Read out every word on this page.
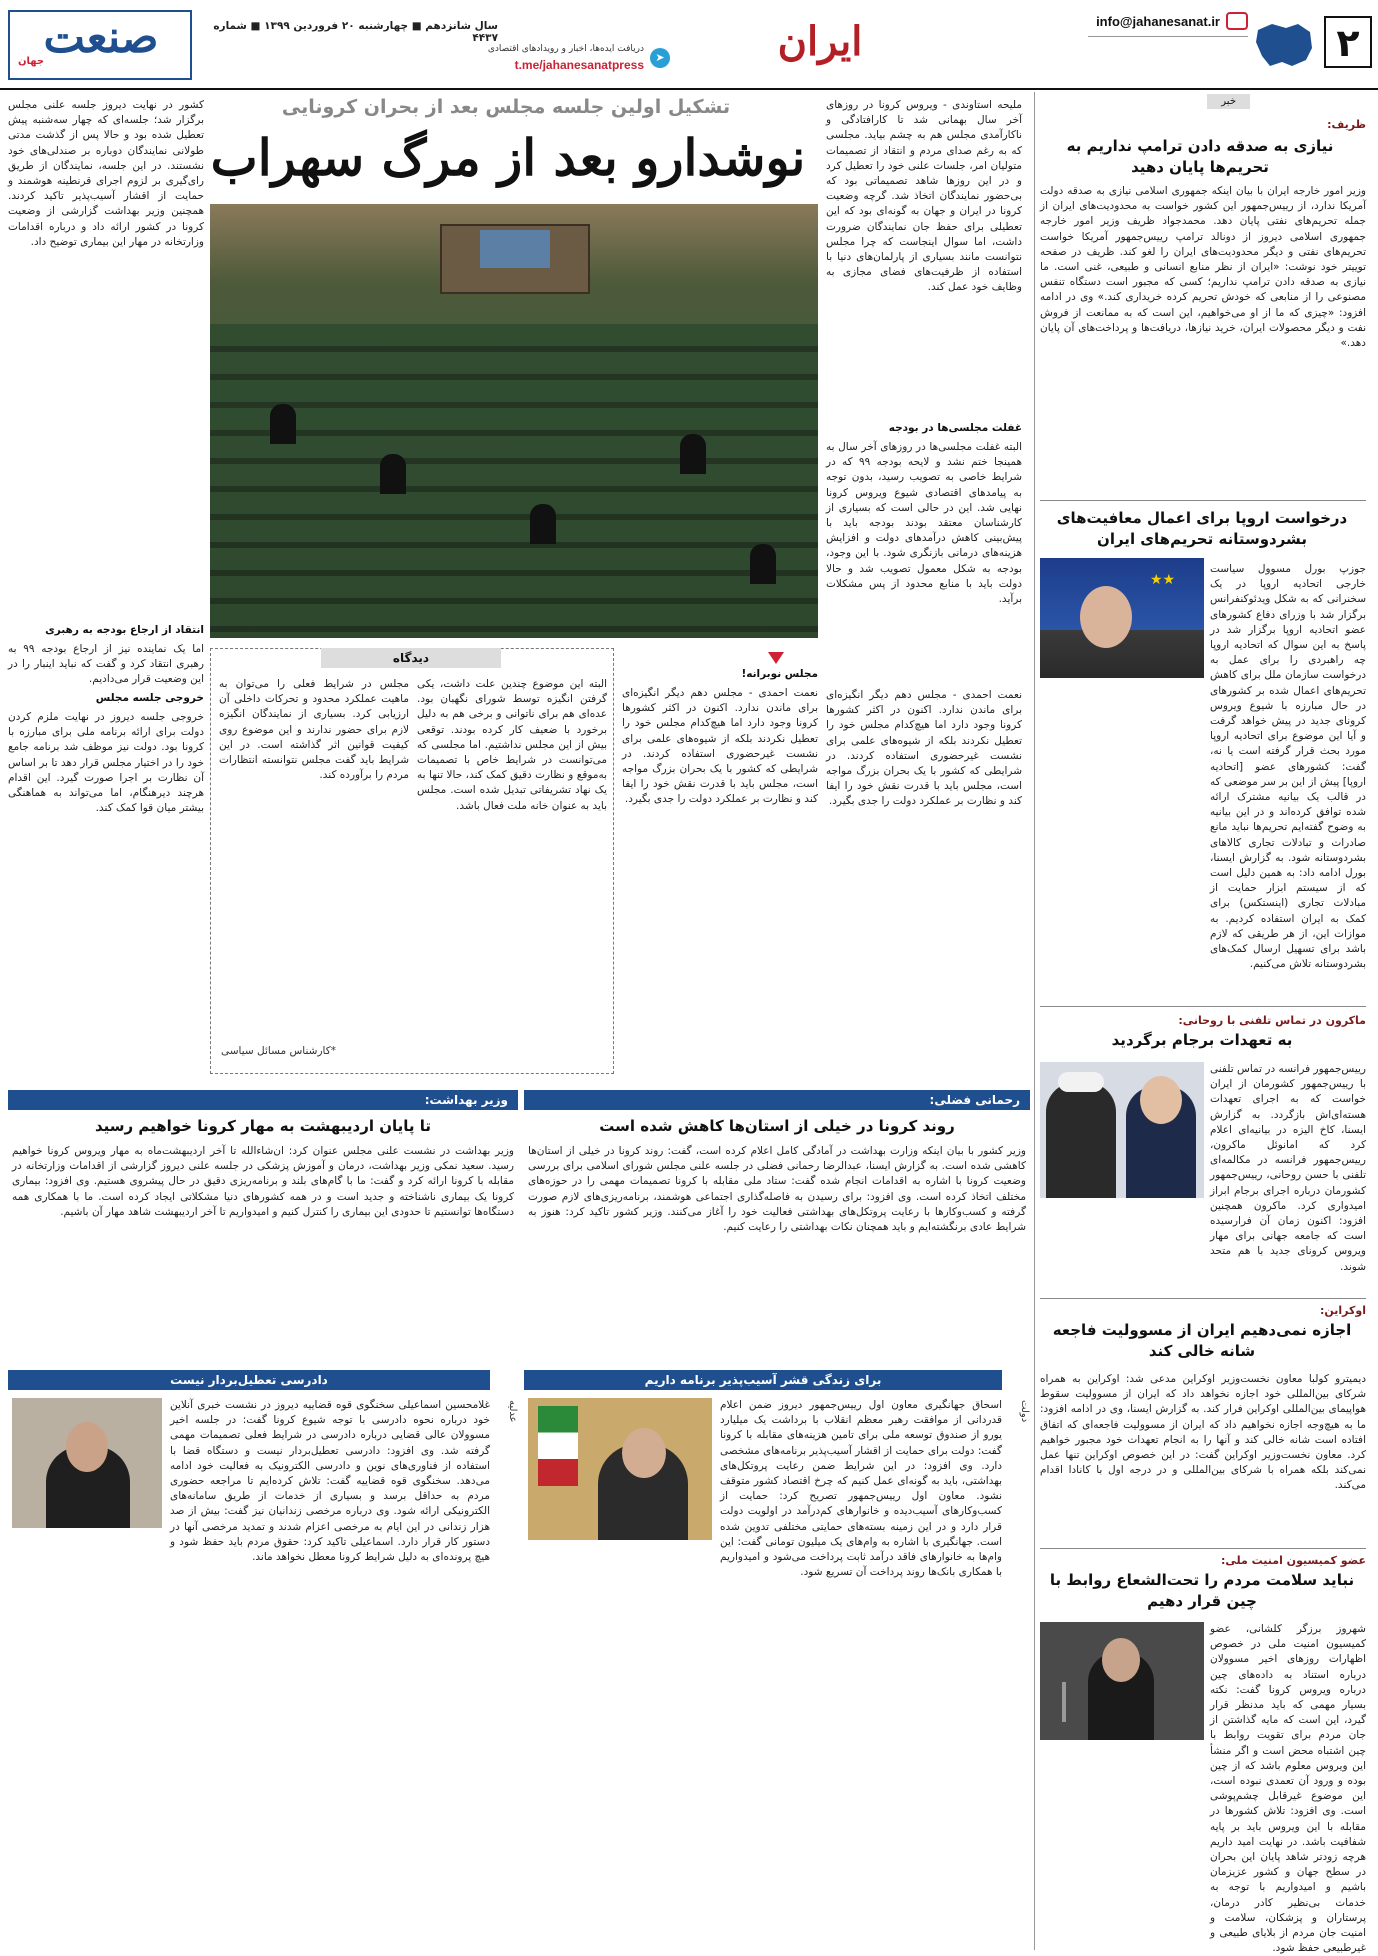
۲
info@jahanesanat.ir
ایران
دریافت ایده‌ها، اخبار و رویدادهای اقتصادی
t.me/jahanesanatpress
➤
سال شانزدهم ■ چهارشنبه ۲۰ فروردین ۱۳۹۹ ■ شماره ۴۴۳۷
صنعت
جهان
خبر
ظریف:
نیازی به صدقه دادن ترامپ نداریم به تحریم‌ها پایان دهید
وزیر امور خارجه ایران با بیان اینکه جمهوری اسلامی نیازی به صدقه دولت آمریکا ندارد، از رییس‌جمهور این کشور خواست به محدودیت‌های ایران از جمله تحریم‌های نفتی پایان دهد. محمدجواد ظریف وزیر امور خارجه جمهوری اسلامی دیروز از دونالد ترامپ رییس‌جمهور آمریکا خواست تحریم‌های نفتی و دیگر محدودیت‌های ایران را لغو کند. ظریف در صفحه توییتر خود نوشت: «ایران از نظر منابع انسانی و طبیعی، غنی است. ما نیازی به صدقه دادن ترامپ نداریم؛ کسی که مجبور است دستگاه تنفس مصنوعی را از منابعی که خودش تحریم کرده خریداری کند.» وی در ادامه افزود: «چیزی که ما از او می‌خواهیم، این است که به ممانعت از فروش نفت و دیگر محصولات ایران، خرید نیازها، دریافت‌ها و پرداخت‌های آن پایان دهد.»
درخواست اروپا برای اعمال معافیت‌های بشردوستانه تحریم‌های ایران
★★
جوزپ بورل مسوول سیاست خارجی اتحادیه اروپا در یک سخنرانی که به شکل ویدئوکنفرانس برگزار شد با وزرای دفاع کشورهای عضو اتحادیه اروپا برگزار شد در پاسخ به این سوال که اتحادیه اروپا چه راهبردی را برای عمل به درخواست سازمان ملل برای کاهش تحریم‌های اعمال شده بر کشورهای در حال مبارزه با شیوع ویروس کرونای جدید در پیش خواهد گرفت و آیا این موضوع برای اتحادیه اروپا مورد بحث قرار گرفته است یا نه، گفت: کشورهای عضو [اتحادیه اروپا] پیش از این بر سر موضعی که در قالب یک بیانیه مشترک ارائه شده توافق کرده‌اند و در این بیانیه به وضوح گفته‌ایم تحریم‌ها نباید مانع صادرات و تبادلات تجاری کالاهای بشردوستانه شود. به گزارش ایسنا، بورل ادامه داد: به همین دلیل است که از سیستم ابزار حمایت از مبادلات تجاری (اینستکس) برای کمک به ایران استفاده کردیم. به موازات این، از هر طریقی که لازم باشد برای تسهیل ارسال کمک‌های بشردوستانه تلاش می‌کنیم.
ماکرون در تماس تلفنی با روحانی:
به تعهدات برجام برگردید
رییس‌جمهور فرانسه در تماس تلفنی با رییس‌جمهور کشورمان از ایران خواست که به اجرای تعهدات هسته‌ای‌اش بازگردد. به گزارش ایسنا، کاخ الیزه در بیانیه‌ای اعلام کرد که امانوئل ماکرون، رییس‌جمهور فرانسه در مکالمه‌ای تلفنی با حسن روحانی، رییس‌جمهور کشورمان درباره اجرای برجام ابراز امیدواری کرد. ماکرون همچنین افزود: اکنون زمان آن فرارسیده است که جامعه جهانی برای مهار ویروس کرونای جدید با هم متحد شوند.
اوکراین:
اجازه نمی‌دهیم ایران از مسوولیت فاجعه شانه خالی کند
دیمیترو کولبا معاون نخست‌وزیر اوکراین مدعی شد: اوکراین به همراه شرکای بین‌المللی خود اجازه نخواهد داد که ایران از مسوولیت سقوط هواپیمای بین‌المللی اوکراین فرار کند. به گزارش ایسنا، وی در ادامه افزود: ما به هیچ‌وجه اجازه نخواهیم داد که ایران از مسوولیت فاجعه‌ای که اتفاق افتاده است شانه خالی کند و آنها را به انجام تعهدات خود مجبور خواهیم کرد. معاون نخست‌وزیر اوکراین گفت: در این خصوص اوکراین تنها عمل نمی‌کند بلکه همراه با شرکای بین‌المللی و در درجه اول با کانادا اقدام می‌کند.
عضو کمیسیون امنیت ملی:
نباید سلامت مردم را تحت‌الشعاع روابط با چین قرار دهیم
شهروز برزگر کلشانی، عضو کمیسیون امنیت ملی در خصوص اظهارات روزهای اخیر مسوولان درباره استناد به داده‌های چین درباره ویروس کرونا گفت: نکته بسیار مهمی که باید مدنظر قرار گیرد، این است که مایه گذاشتن از جان مردم برای تقویت روابط با چین اشتباه محض است و اگر منشأ این ویروس معلوم باشد که از چین بوده و ورود آن تعمدی نبوده است، این موضوع غیرقابل چشم‌پوشی است. وی افزود: تلاش کشورها در مقابله با این ویروس باید بر پایه شفافیت باشد. در نهایت امید داریم هرچه زودتر شاهد پایان این بحران در سطح جهان و کشور عزیزمان باشیم و امیدواریم با توجه به خدمات بی‌نظیر کادر درمان، پرستاران و پزشکان، سلامت و امنیت جان مردم از بلایای طبیعی و غیرطبیعی حفظ شود.
تشکیل اولین جلسه مجلس بعد از بحران کرونایی
نوشدارو بعد از مرگ سهراب
ملیحه استاوندی - ویروس کرونا در روزهای آخر سال بهمانی شد تا کارافتادگی و ناکارآمدی مجلس هم به چشم بیاید. مجلسی که به رغم صدای مردم و انتقاد از تصمیمات متولیان امر، جلسات علنی خود را تعطیل کرد و در این روزها شاهد تصمیماتی بود که بی‌حضور نمایندگان اتخاذ شد. گرچه وضعیت کرونا در ایران و جهان به گونه‌ای بود که این تعطیلی برای حفظ جان نمایندگان ضرورت داشت، اما سوال اینجاست که چرا مجلس نتوانست مانند بسیاری از پارلمان‌های دنیا با استفاده از ظرفیت‌های فضای مجازی به وظایف خود عمل کند.
غفلت مجلسی‌ها در بودجه
البته غفلت مجلسی‌ها در روزهای آخر سال به همینجا ختم نشد و لایحه بودجه ۹۹ که در شرایط خاصی به تصویب رسید، بدون توجه به پیامدهای اقتصادی شیوع ویروس کرونا نهایی شد. این در حالی است که بسیاری از کارشناسان معتقد بودند بودجه باید با پیش‌بینی کاهش درآمدهای دولت و افزایش هزینه‌های درمانی بازنگری شود. با این وجود، بودجه به شکل معمول تصویب شد و حالا دولت باید با منابع محدود از پس مشکلات برآید.
کشور در نهایت دیروز جلسه علنی مجلس برگزار شد؛ جلسه‌ای که چهار سه‌شنبه پیش تعطیل شده بود و حالا پس از گذشت مدتی طولانی نمایندگان دوباره بر صندلی‌های خود نشستند. در این جلسه، نمایندگان از طریق رای‌گیری بر لزوم اجرای قرنطینه هوشمند و حمایت از اقشار آسیب‌پذیر تاکید کردند. همچنین وزیر بهداشت گزارشی از وضعیت کرونا در کشور ارائه داد و درباره اقدامات وزارتخانه در مهار این بیماری توضیح داد.
انتقاد از ارجاع بودجه به رهبری
اما یک نماینده نیز از ارجاع بودجه ۹۹ به رهبری انتقاد کرد و گفت که نباید اینبار را در این وضعیت قرار می‌دادیم.
خروجی جلسه مجلس
خروجی جلسه دیروز در نهایت ملزم کردن دولت برای ارائه برنامه ملی برای مبارزه با کرونا بود. دولت نیز موظف شد برنامه جامع خود را در اختیار مجلس قرار دهد تا بر اساس آن نظارت بر اجرا صورت گیرد. این اقدام هرچند دیرهنگام، اما می‌تواند به هماهنگی بیشتر میان قوا کمک کند.
دیدگاه
البته این موضوع چندین علت داشت، یکی گرفتن انگیزه توسط شورای نگهبان بود. عده‌ای هم برای ناتوانی و برخی هم به دلیل برخورد با ضعیف کار کرده بودند. توقعی بیش از این مجلس نداشتیم. اما مجلسی که می‌توانست در شرایط خاص با تصمیمات به‌موقع و نظارت دقیق کمک کند، حالا تنها به یک نهاد تشریفاتی تبدیل شده است. مجلس باید به عنوان خانه ملت فعال باشد.
مجلس در شرایط فعلی را می‌توان به ماهیت عملکرد محدود و تحرکات داخلی آن ارزیابی کرد. بسیاری از نمایندگان انگیزه لازم برای حضور ندارند و این موضوع روی کیفیت قوانین اثر گذاشته است. در این شرایط باید گفت مجلس نتوانسته انتظارات مردم را برآورده کند.
*کارشناس مسائل سیاسی
مجلس نوبرانه!
نعمت احمدی - مجلس دهم دیگر انگیزه‌ای برای ماندن ندارد. اکنون در اکثر کشورها کرونا وجود دارد اما هیچ‌کدام مجلس خود را تعطیل نکردند بلکه از شیوه‌های علمی برای نشست غیرحضوری استفاده کردند. در شرایطی که کشور با یک بحران بزرگ مواجه است، مجلس باید با قدرت نقش خود را ایفا کند و نظارت بر عملکرد دولت را جدی بگیرد.
نعمت احمدی - مجلس دهم دیگر انگیزه‌ای برای ماندن ندارد. اکنون در اکثر کشورها کرونا وجود دارد اما هیچ‌کدام مجلس خود را تعطیل نکردند بلکه از شیوه‌های علمی برای نشست غیرحضوری استفاده کردند. در شرایطی که کشور با یک بحران بزرگ مواجه است، مجلس باید با قدرت نقش خود را ایفا کند و نظارت بر عملکرد دولت را جدی بگیرد.
وزیر بهداشت:
تا پایان اردیبهشت به مهار کرونا خواهیم رسید
وزیر بهداشت در نشست علنی مجلس عنوان کرد: ان‌شاءالله تا آخر اردیبهشت‌ماه به مهار ویروس کرونا خواهیم رسید. سعید نمکی وزیر بهداشت، درمان و آموزش پزشکی در جلسه علنی دیروز گزارشی از اقدامات وزارتخانه در مقابله با کرونا ارائه کرد و گفت: ما با گام‌های بلند و برنامه‌ریزی دقیق در حال پیشروی هستیم. وی افزود: بیماری کرونا یک بیماری ناشناخته و جدید است و در همه کشورهای دنیا مشکلاتی ایجاد کرده است. ما با همکاری همه دستگاه‌ها توانستیم تا حدودی این بیماری را کنترل کنیم و امیدواریم تا آخر اردیبهشت شاهد مهار آن باشیم.
رحمانی فضلی:
روند کرونا در خیلی از استان‌ها کاهش شده است
وزیر کشور با بیان اینکه وزارت بهداشت در آمادگی کامل اعلام کرده است، گفت: روند کرونا در خیلی از استان‌ها کاهشی شده است. به گزارش ایسنا، عبدالرضا رحمانی فضلی در جلسه علنی مجلس شورای اسلامی برای بررسی وضعیت کرونا با اشاره به اقدامات انجام شده گفت: ستاد ملی مقابله با کرونا تصمیمات مهمی را در حوزه‌های مختلف اتخاذ کرده است. وی افزود: برای رسیدن به فاصله‌گذاری اجتماعی هوشمند، برنامه‌ریزی‌های لازم صورت گرفته و کسب‌وکارها با رعایت پروتکل‌های بهداشتی فعالیت خود را آغاز می‌کنند. وزیر کشور تاکید کرد: هنوز به شرایط عادی برنگشته‌ایم و باید همچنان نکات بهداشتی را رعایت کنیم.
برای زندگی قشر آسیب‌پذیر برنامه داریم
دولت
اسحاق جهانگیری معاون اول رییس‌جمهور دیروز ضمن اعلام قدردانی از موافقت رهبر معظم انقلاب با برداشت یک میلیارد یورو از صندوق توسعه ملی برای تامین هزینه‌های مقابله با کرونا گفت: دولت برای حمایت از اقشار آسیب‌پذیر برنامه‌های مشخصی دارد. وی افزود: در این شرایط ضمن رعایت پروتکل‌های بهداشتی، باید به گونه‌ای عمل کنیم که چرخ اقتصاد کشور متوقف نشود. معاون اول رییس‌جمهور تصریح کرد: حمایت از کسب‌وکارهای آسیب‌دیده و خانوارهای کم‌درآمد در اولویت دولت قرار دارد و در این زمینه بسته‌های حمایتی مختلفی تدوین شده است. جهانگیری با اشاره به وام‌های یک میلیون تومانی گفت: این وام‌ها به خانوارهای فاقد درآمد ثابت پرداخت می‌شود و امیدواریم با همکاری بانک‌ها روند پرداخت آن تسریع شود.
دادرسی تعطیل‌بردار نیست
عدلیه
غلامحسین اسماعیلی سخنگوی قوه قضاییه دیروز در نشست خبری آنلاین خود درباره نحوه دادرسی با توجه شیوع کرونا گفت: در جلسه اخیر مسوولان عالی قضایی درباره دادرسی در شرایط فعلی تصمیمات مهمی گرفته شد. وی افزود: دادرسی تعطیل‌بردار نیست و دستگاه قضا با استفاده از فناوری‌های نوین و دادرسی الکترونیک به فعالیت خود ادامه می‌دهد. سخنگوی قوه قضاییه گفت: تلاش کرده‌ایم تا مراجعه حضوری مردم به حداقل برسد و بسیاری از خدمات از طریق سامانه‌های الکترونیکی ارائه شود. وی درباره مرخصی زندانیان نیز گفت: بیش از صد هزار زندانی در این ایام به مرخصی اعزام شدند و تمدید مرخصی آنها در دستور کار قرار دارد. اسماعیلی تاکید کرد: حقوق مردم باید حفظ شود و هیچ پرونده‌ای به دلیل شرایط کرونا معطل نخواهد ماند.
